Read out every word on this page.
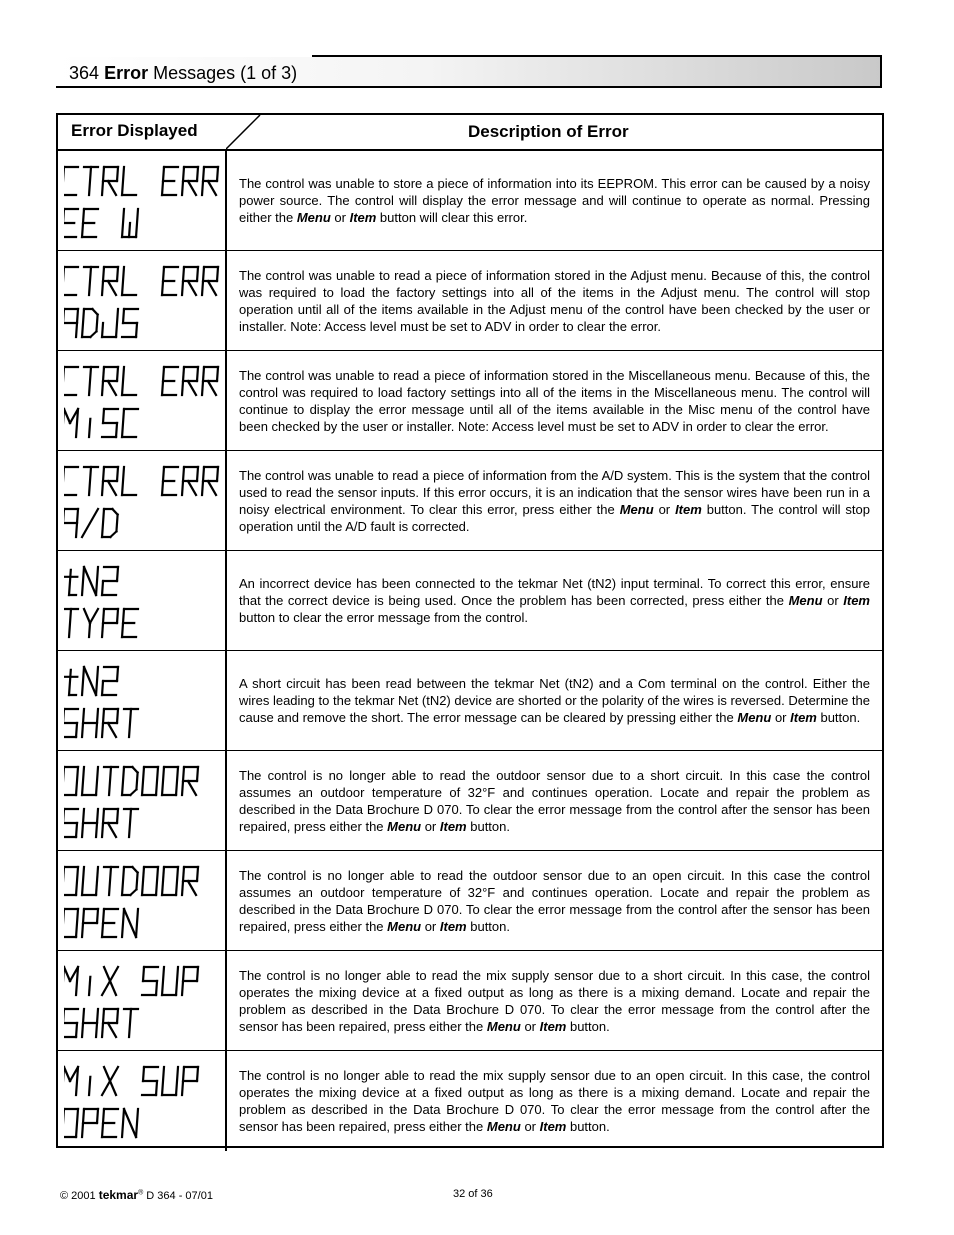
364 Error Messages (1 of 3)
Error Displayed	Description of Error

The control was unable to store a piece of information into its EEPROM. This error can be caused by a noisy power source. The control will display the error message and will continue to operate as normal. Pressing either the Menu or Item button will clear this error.

The control was unable to read a piece of information stored in the Adjust menu. Because of this, the control was required to load the factory settings into all of the items in the Adjust menu. The control will stop operation until all of the items available in the Adjust menu of the control have been checked by the user or installer. Note: Access level must be set to ADV in order to clear the error.

The control was unable to read a piece of information stored in the Miscellaneous menu. Because of this, the control was required to load factory settings into all of the items in the Miscellaneous menu. The control will continue to display the error message until all of the items available in the Misc menu of the control have been checked by the user or installer. Note: Access level must be set to ADV in order to clear the error.

The control was unable to read a piece of information from the A/D system. This is the system that the control used to read the sensor inputs. If this error occurs, it is an indication that the sensor wires have been run in a noisy electrical environment. To clear this error, press either the Menu or Item button. The control will stop operation until the A/D fault is corrected.

An incorrect device has been connected to the tekmar Net (tN2) input terminal. To correct this error, ensure that the correct device is being used. Once the problem has been corrected, press either the Menu or Item button to clear the error message from the control.

A short circuit has been read between the tekmar Net (tN2) and a Com terminal on the control. Either the wires leading to the tekmar Net (tN2) device are shorted or the polarity of the wires is reversed. Determine the cause and remove the short. The error message can be cleared by pressing either the Menu or Item button.

The control is no longer able to read the outdoor sensor due to a short circuit. In this case the control assumes an outdoor temperature of 32°F and continues operation. Locate and repair the problem as described in the Data Brochure D 070. To clear the error message from the control after the sensor has been repaired, press either the Menu or Item button.

The control is no longer able to read the outdoor sensor due to an open circuit. In this case the control assumes an outdoor temperature of 32°F and continues operation. Locate and repair the problem as described in the Data Brochure D 070. To clear the error message from the control after the sensor has been repaired, press either the Menu or Item button.

The control is no longer able to read the mix supply sensor due to a short circuit. In this case, the control operates the mixing device at a fixed output as long as there is a mixing demand. Locate and repair the problem as described in the Data Brochure D 070. To clear the error message from the control after the sensor has been repaired, press either the Menu or Item button.

The control is no longer able to read the mix supply sensor due to an open circuit. In this case, the control operates the mixing device at a fixed output as long as there is a mixing demand. Locate and repair the problem as described in the Data Brochure D 070. To clear the error message from the control after the sensor has been repaired, press either the Menu or Item button.

© 2001 tekmar® D 364 - 07/01	32 of 36
